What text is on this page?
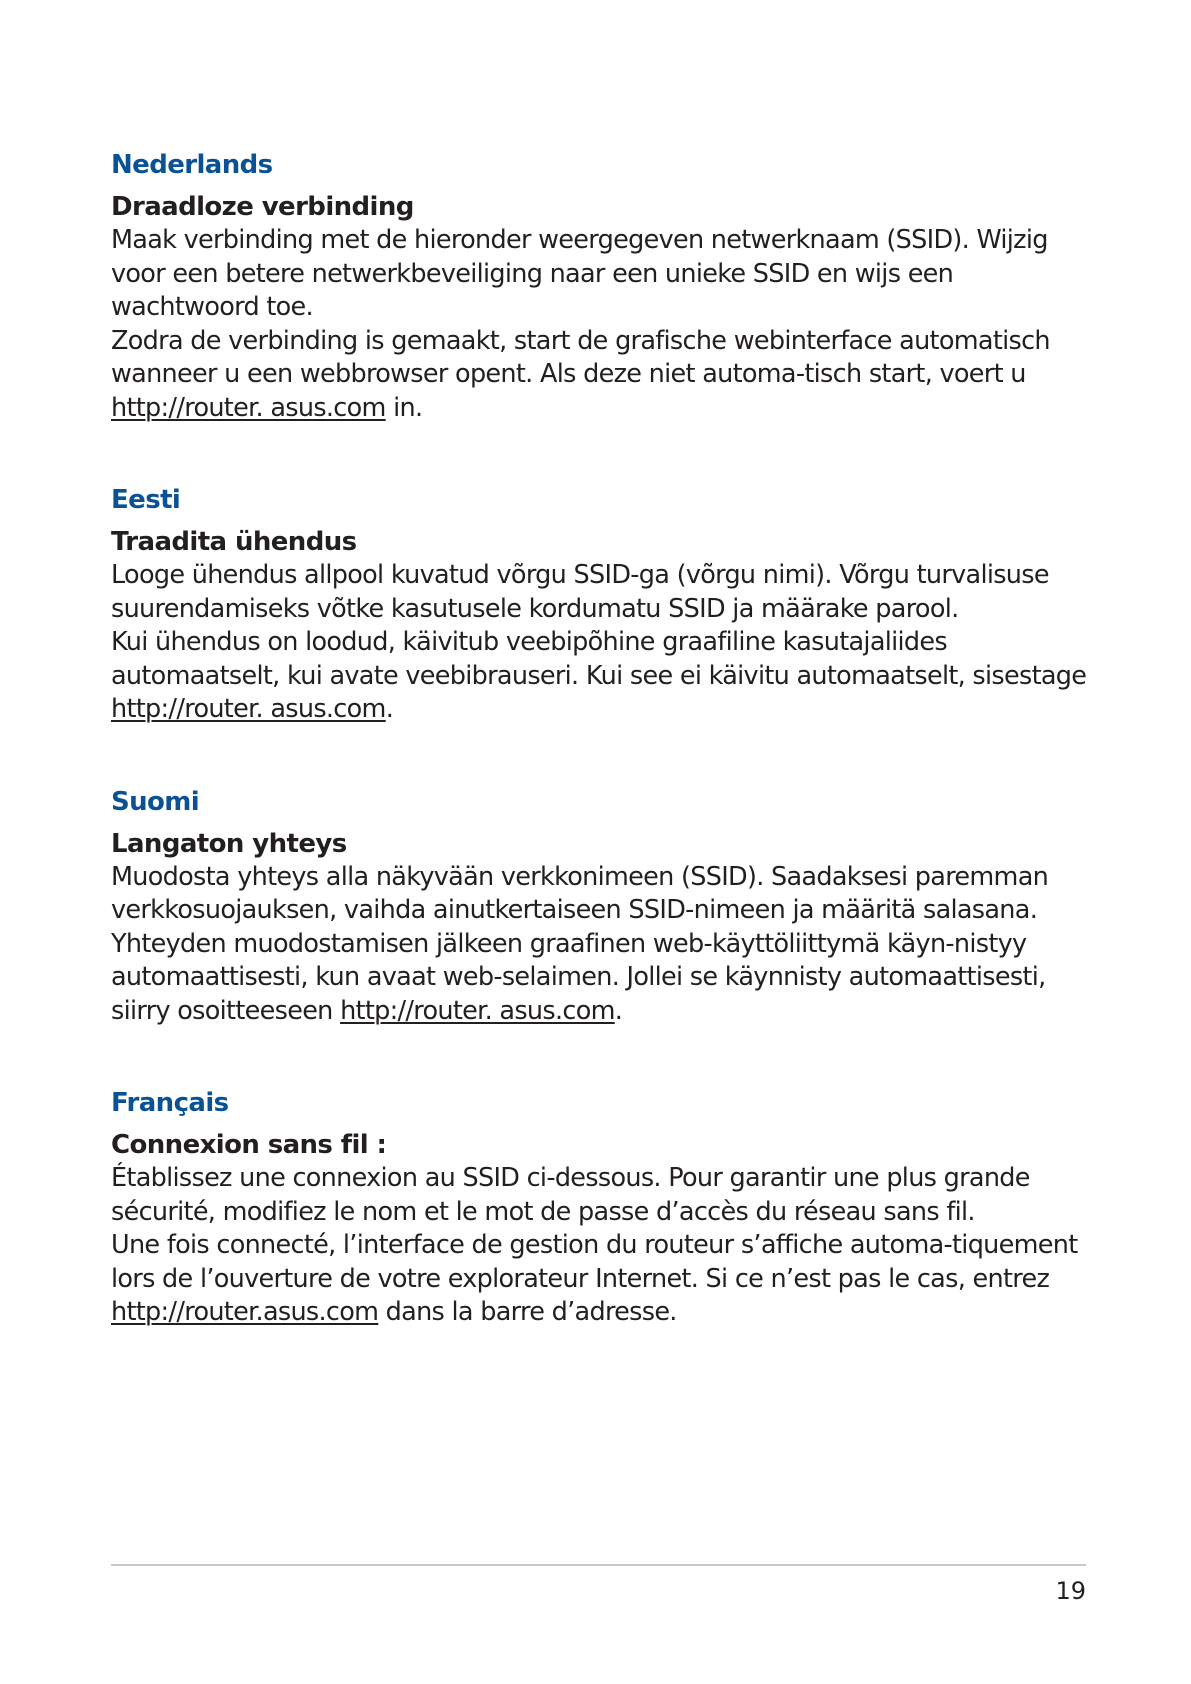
Nederlands
Draadloze verbinding

Maak verbinding met de hieronder weergegeven netwerknaam (SSID). Wijzig voor een betere netwerkbeveiliging naar een unieke SSID en wijs een wachtwoord toe.

Zodra de verbinding is gemaakt, start de grafische webinterface automatisch wanneer u een webbrowser opent. Als deze niet automa-tisch start, voert u http://router. asus.com in.

Eesti
Traadita ühendus

Looge ühendus allpool kuvatud võrgu SSID-ga (võrgu nimi). Võrgu turvalisuse suurendamiseks võtke kasutusele kordumatu SSID ja määrake parool.

Kui ühendus on loodud, käivitub veebipõhine graafiline kasutajaliides automaatselt, kui avate veebibrauseri. Kui see ei käivitu automaatselt, sisestage http://router. asus.com.

Suomi
Langaton yhteys

Muodosta yhteys alla näkyvään verkkonimeen (SSID). Saadaksesi paremman verkkosuojauksen, vaihda ainutkertaiseen SSID-nimeen ja määritä salasana.

Yhteyden muodostamisen jälkeen graafinen web-käyttöliittymä käyn-nistyy automaattisesti, kun avaat web-selaimen. Jollei se käynnisty automaattisesti, siirry osoitteeseen http://router. asus.com.

Français
Connexion sans fil :

Établissez une connexion au SSID ci-dessous. Pour garantir une plus grande sécurité, modifiez le nom et le mot de passe d’accès du réseau sans fil.

Une fois connecté, l’interface de gestion du routeur s’affiche automa-tiquement lors de l’ouverture de votre explorateur Internet. Si ce n’est pas le cas, entrez http://router.asus.com dans la barre d’adresse.

19
